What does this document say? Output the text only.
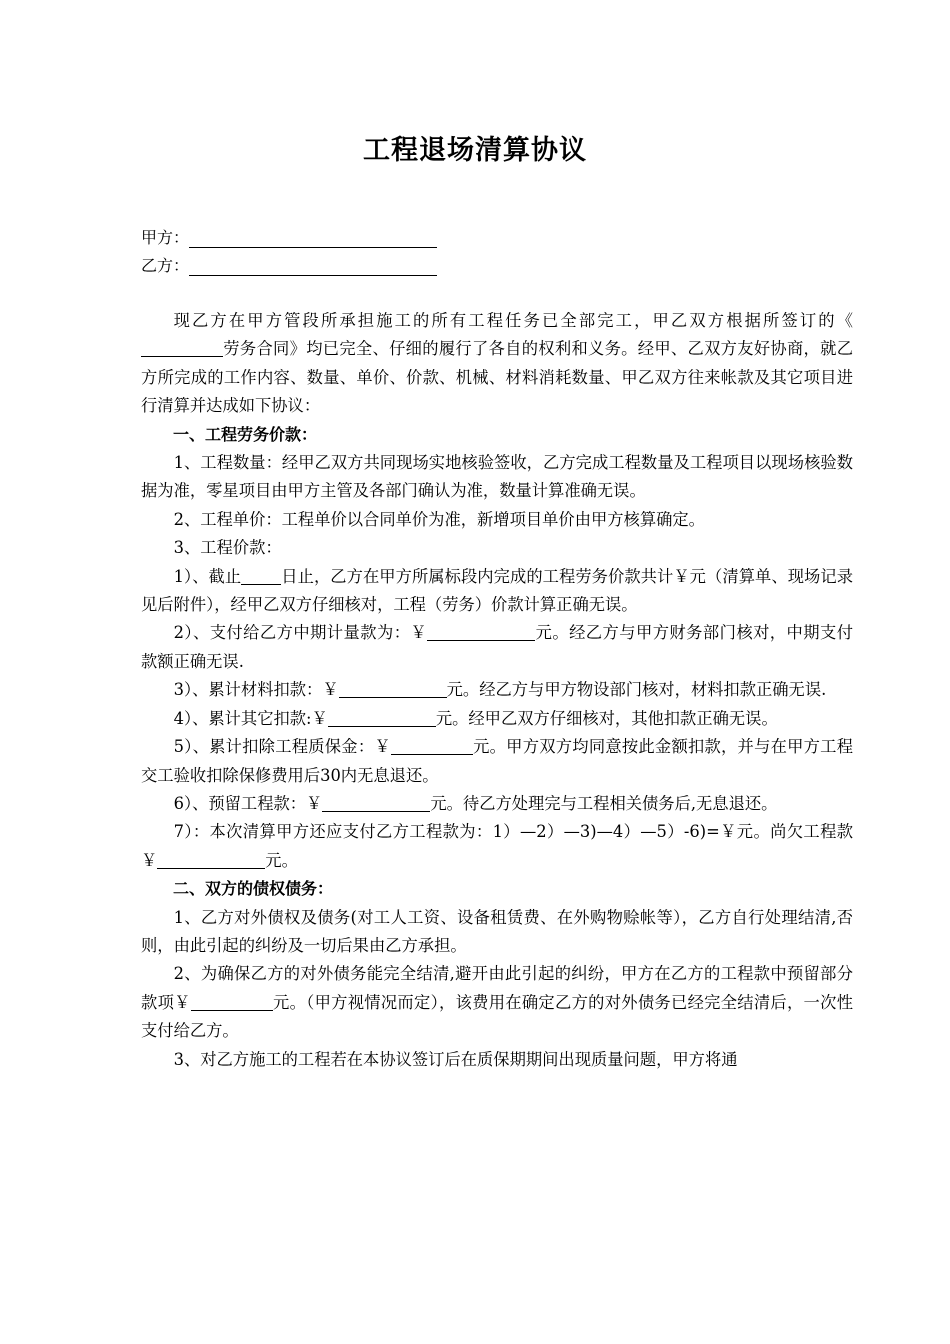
工程退场清算协议
甲方：
乙方：

现乙方在甲方管段所承担施工的所有工程任务已全部完工，甲乙双方根据所签订的《劳务合同》均已完全、仔细的履行了各自的权利和义务。经甲、乙双方友好协商，就乙方所完成的工作内容、数量、单价、价款、机械、材料消耗数量、甲乙双方往来帐款及其它项目进行清算并达成如下协议：

一、工程劳务价款：

1、工程数量：经甲乙双方共同现场实地核验签收，乙方完成工程数量及工程项目以现场核验数据为准，零星项目由甲方主管及各部门确认为准，数量计算准确无误。

2、工程单价：工程单价以合同单价为准，新增项目单价由甲方核算确定。

3、工程价款：

1）、截止 日止，乙方在甲方所属标段内完成的工程劳务价款共计￥元（清算单、现场记录见后附件），经甲乙双方仔细核对，工程（劳务）价款计算正确无误。

2）、支付给乙方中期计量款为：￥	元。经乙方与甲方财务部门核对，中期支付款额正确无误.

3）、累计材料扣款：￥	元。经乙方与甲方物设部门核对，材料扣款正确无误.

4）、累计其它扣款:￥	元。经甲乙双方仔细核对，其他扣款正确无误。

5）、累计扣除工程质保金：￥	元。甲方双方均同意按此金额扣款，并与在甲方工程交工验收扣除保修费用后30内无息退还。

6）、预留工程款：￥	元。待乙方处理完与工程相关债务后,无息退还。

7）：本次清算甲方还应支付乙方工程款为：1）—2）—3)—4）—5）-6)=￥元。尚欠工程款￥	元。

二、双方的债权债务：

1、乙方对外债权及债务(对工人工资、设备租赁费、在外购物赊帐等），乙方自行处理结清,否则，由此引起的纠纷及一切后果由乙方承担。

2、为确保乙方的对外债务能完全结清,避开由此引起的纠纷，甲方在乙方的工程款中预留部分款项￥	元。（甲方视情况而定），该费用在确定乙方的对外债务已经完全结清后，一次性支付给乙方。

3、对乙方施工的工程若在本协议签订后在质保期期间出现质量问题，甲方将通
